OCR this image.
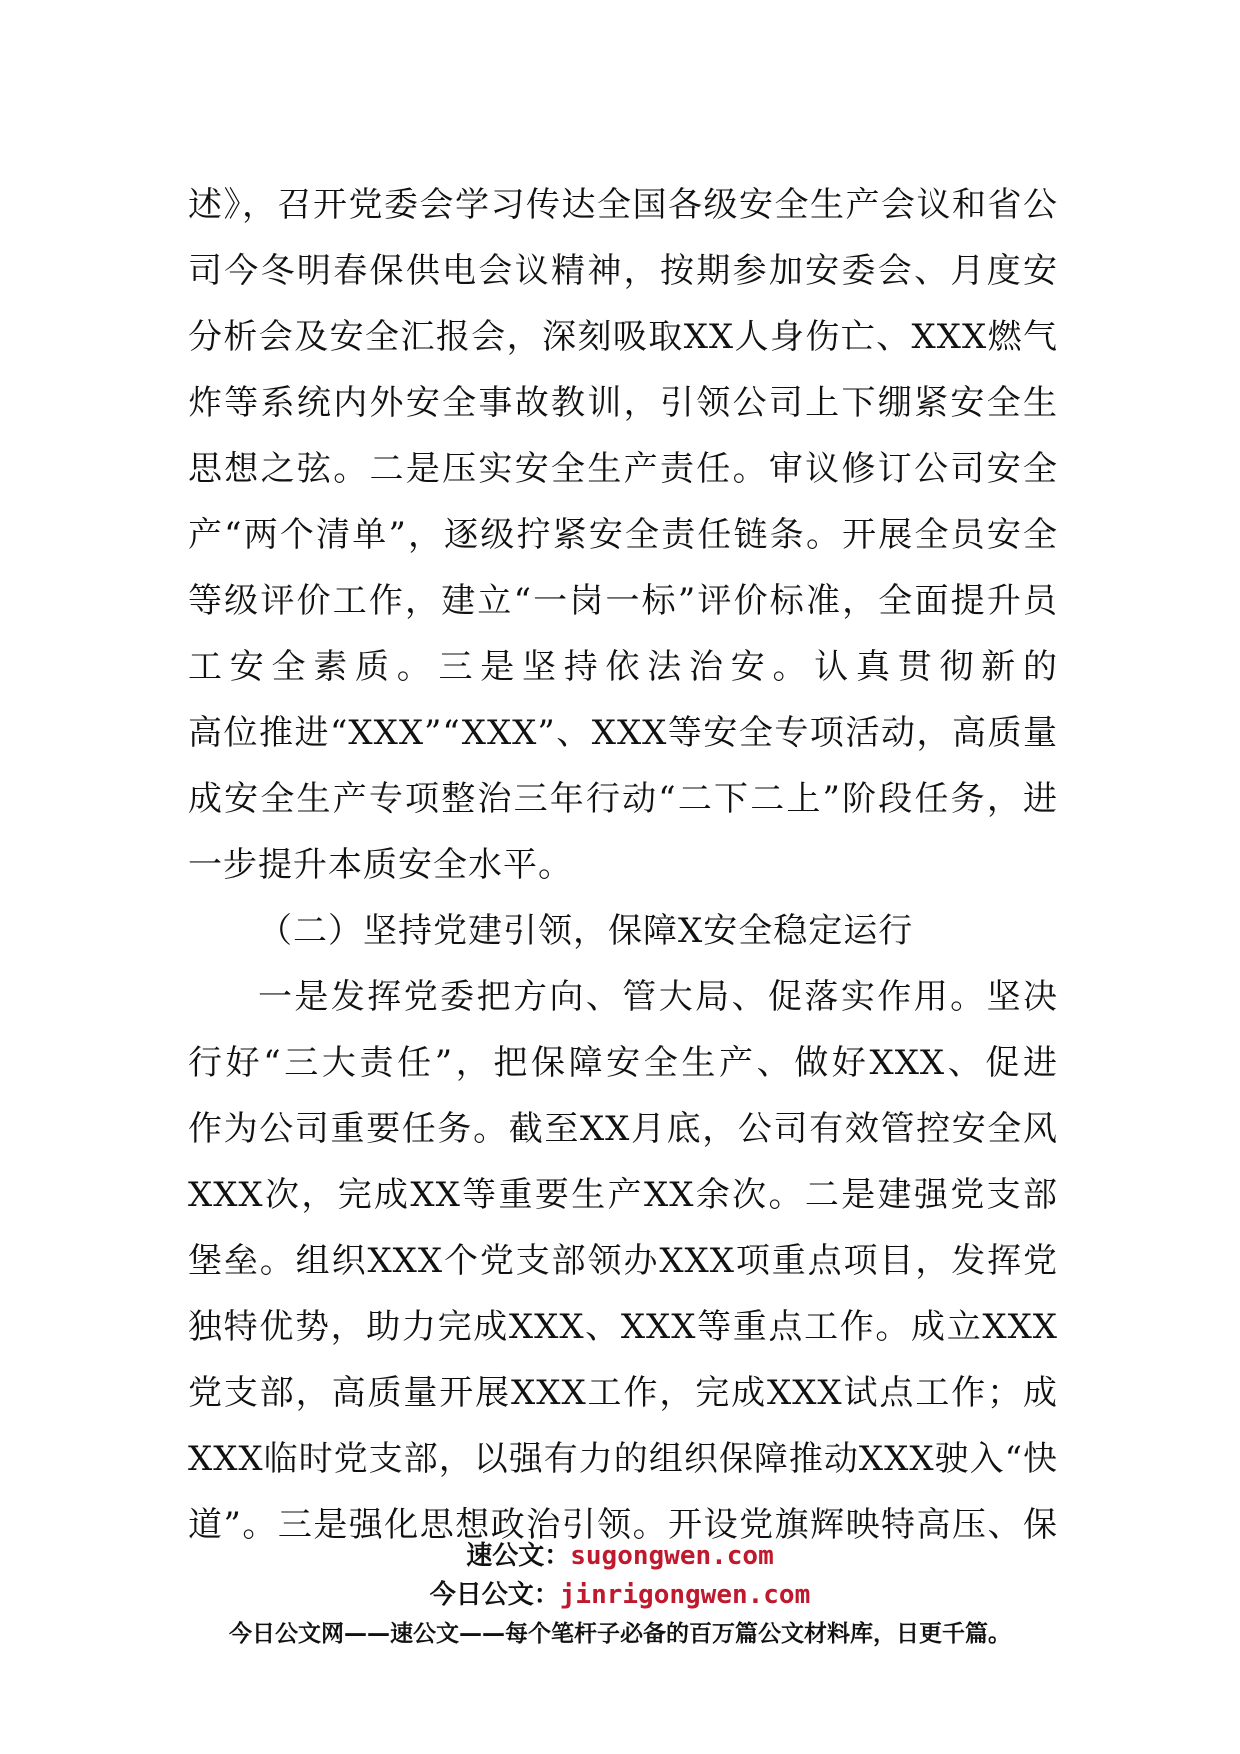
述》，召开党委会学习传达全国各级安全生产会议和省公
司今冬明春保供电会议精神，按期参加安委会、月度安
分析会及安全汇报会，深刻吸取XX人身伤亡、XXX燃气
炸等系统内外安全事故教训，引领公司上下绷紧安全生
思想之弦。二是压实安全生产责任。审议修订公司安全
产“两个清单”，逐级拧紧安全责任链条。开展全员安全
等级评价工作，建立“一岗一标”评价标准，全面提升员
工安全素质。三是坚持依法治安。认真贯彻新的
高位推进“XXX”“XXX”、XXX等安全专项活动，高质量
成安全生产专项整治三年行动“二下二上”阶段任务，进
一步提升本质安全水平。
（二）坚持党建引领，保障X安全稳定运行
一是发挥党委把方向、管大局、促落实作用。坚决
行好“三大责任”，把保障安全生产、做好XXX、促进
作为公司重要任务。截至XX月底，公司有效管控安全风
XXX次，完成XX等重要生产XX余次。二是建强党支部
堡垒。组织XXX个党支部领办XXX项重点项目，发挥党
独特优势，助力完成XXX、XXX等重点工作。成立XXX
党支部，高质量开展XXX工作，完成XXX试点工作；成
XXX临时党支部，以强有力的组织保障推动XXX驶入“快
道”。三是强化思想政治引领。开设党旗辉映特高压、保
速公文：sugongwen.com
今日公文：jinrigongwen.com
今日公文网——速公文——每个笔杆子必备的百万篇公文材料库，日更千篇。
